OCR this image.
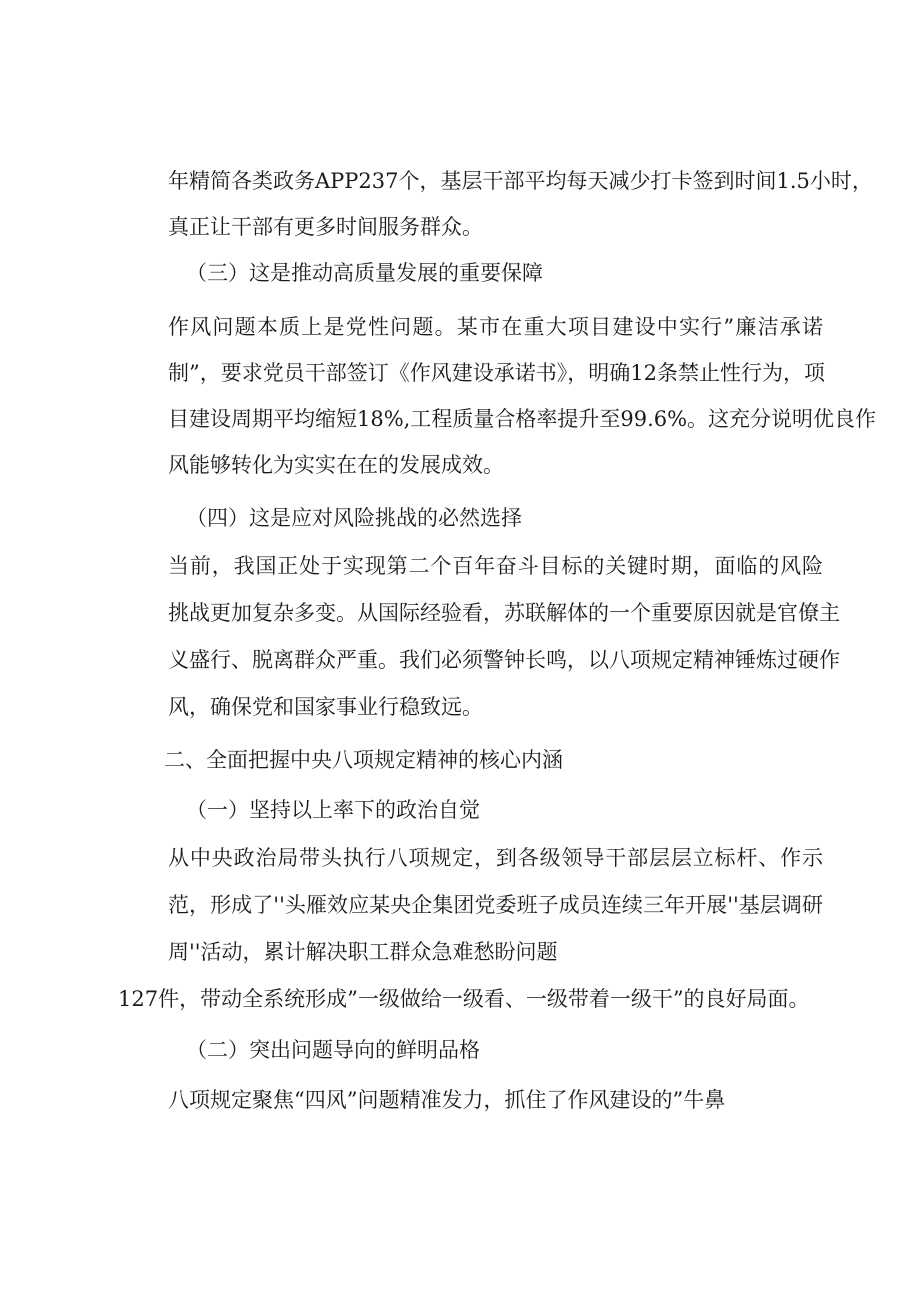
年精简各类政务APP237个，基层干部平均每天减少打卡签到时间1.5小时，
真正让干部有更多时间服务群众。
（三）这是推动高质量发展的重要保障
作风问题本质上是党性问题。某市在重大项目建设中实行”廉洁承诺
制”，要求党员干部签订《作风建设承诺书》，明确12条禁止性行为，项
目建设周期平均缩短18%,工程质量合格率提升至99.6%。这充分说明优良作
风能够转化为实实在在的发展成效。
（四）这是应对风险挑战的必然选择
当前，我国正处于实现第二个百年奋斗目标的关键时期，面临的风险
挑战更加复杂多变。从国际经验看，苏联解体的一个重要原因就是官僚主
义盛行、脱离群众严重。我们必须警钟长鸣，以八项规定精神锤炼过硬作
风，确保党和国家事业行稳致远。
二、全面把握中央八项规定精神的核心内涵
（一）坚持以上率下的政治自觉
从中央政治局带头执行八项规定，到各级领导干部层层立标杆、作示
范，形成了''头雁效应某央企集团党委班子成员连续三年开展''基层调研
周''活动，累计解决职工群众急难愁盼问题
127件，带动全系统形成”一级做给一级看、一级带着一级干”的良好局面。
（二）突出问题导向的鲜明品格
八项规定聚焦“四风”问题精准发力，抓住了作风建设的”牛鼻
